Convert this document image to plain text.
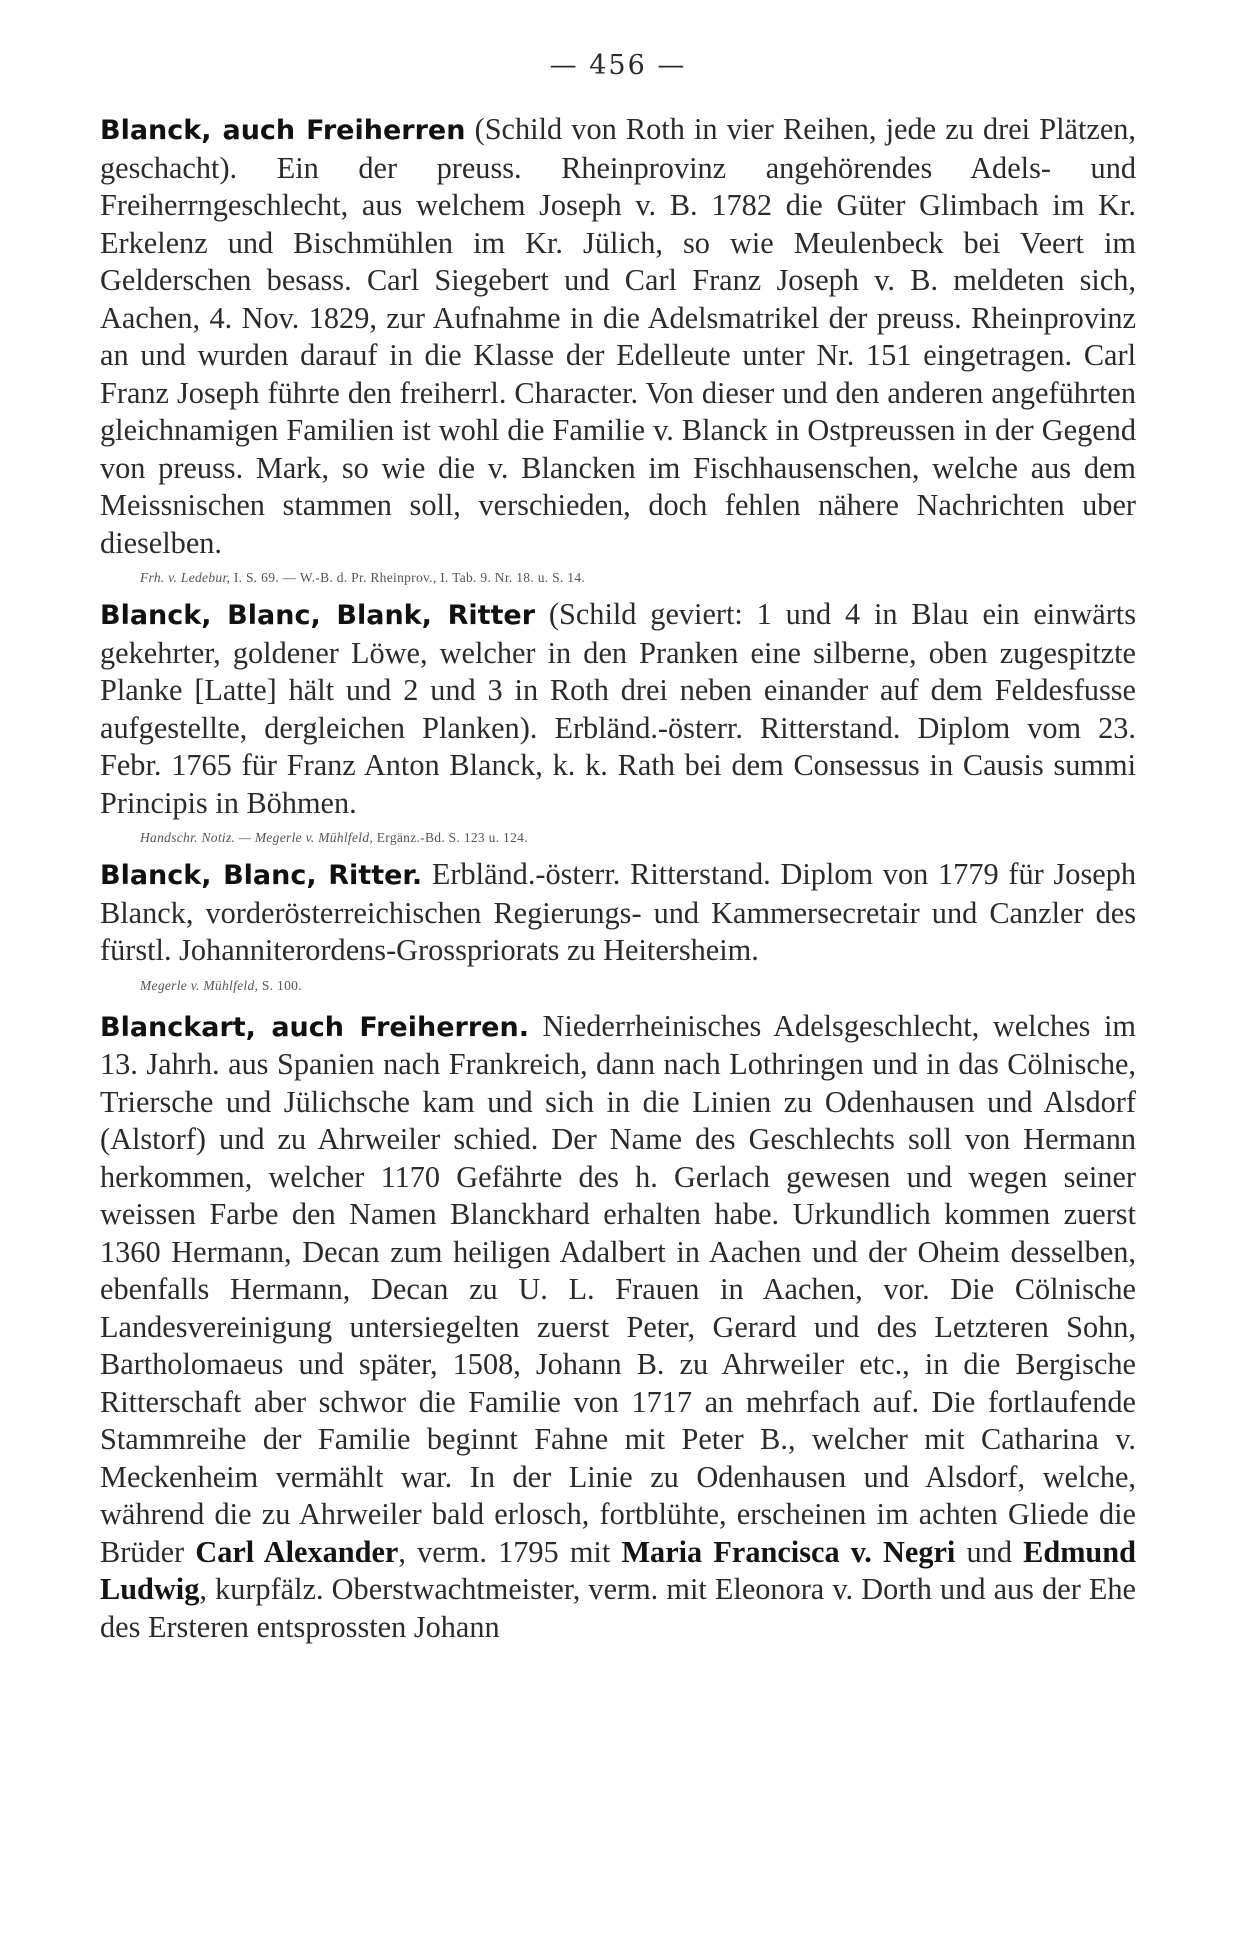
— 456 —

Blanck, auch Freiherren (Schild von Roth in vier Reihen, jede zu drei Plätzen, geschacht). Ein der preuss. Rheinprovinz angehörendes Adels- und Freiherrngeschlecht, aus welchem Joseph v. B. 1782 die Güter Glimbach im Kr. Erkelenz und Bischmühlen im Kr. Jülich, so wie Meulenbeck bei Veert im Gelderschen besass. Carl Siegebert und Carl Franz Joseph v. B. meldeten sich, Aachen, 4. Nov. 1829, zur Aufnahme in die Adelsmatrikel der preuss. Rheinprovinz an und wurden darauf in die Klasse der Edelleute unter Nr. 151 eingetragen. Carl Franz Joseph führte den freiherrl. Character. Von dieser und den anderen angeführten gleichnamigen Familien ist wohl die Familie v. Blanck in Ostpreussen in der Gegend von preuss. Mark, so wie die v. Blancken im Fischhausenschen, welche aus dem Meissnischen stammen soll, verschieden, doch fehlen nähere Nachrichten uber dieselben.

Frh. v. Ledebur, I. S. 69. — W.-B. d. Pr. Rheinprov., I. Tab. 9. Nr. 18. u. S. 14.

Blanck, Blanc, Blank, Ritter (Schild geviert: 1 und 4 in Blau ein einwärts gekehrter, goldener Löwe, welcher in den Pranken eine silberne, oben zugespitzte Planke [Latte] hält und 2 und 3 in Roth drei neben einander auf dem Feldesfusse aufgestellte, dergleichen Planken). Erbländ.-österr. Ritterstand. Diplom vom 23. Febr. 1765 für Franz Anton Blanck, k. k. Rath bei dem Consessus in Causis summi Principis in Böhmen.

Handschr. Notiz. — Megerle v. Mühlfeld, Ergänz.-Bd. S. 123 u. 124.

Blanck, Blanc, Ritter. Erbländ.-österr. Ritterstand. Diplom von 1779 für Joseph Blanck, vorderösterreichischen Regierungs- und Kammersecretair und Canzler des fürstl. Johanniterordens-Grosspriorats zu Heitersheim.

Megerle v. Mühlfeld, S. 100.

Blanckart, auch Freiherren. Niederrheinisches Adelsgeschlecht, welches im 13. Jahrh. aus Spanien nach Frankreich, dann nach Lothringen und in das Cölnische, Triersche und Jülichsche kam und sich in die Linien zu Odenhausen und Alsdorf (Alstorf) und zu Ahrweiler schied. Der Name des Geschlechts soll von Hermann herkommen, welcher 1170 Gefährte des h. Gerlach gewesen und wegen seiner weissen Farbe den Namen Blanckhard erhalten habe. Urkundlich kommen zuerst 1360 Hermann, Decan zum heiligen Adalbert in Aachen und der Oheim desselben, ebenfalls Hermann, Decan zu U. L. Frauen in Aachen, vor. Die Cölnische Landesvereinigung untersiegelten zuerst Peter, Gerard und des Letzteren Sohn, Bartholomaeus und später, 1508, Johann B. zu Ahrweiler etc., in die Bergische Ritterschaft aber schwor die Familie von 1717 an mehrfach auf. Die fortlaufende Stammreihe der Familie beginnt Fahne mit Peter B., welcher mit Catharina v. Meckenheim vermählt war. In der Linie zu Odenhausen und Alsdorf, welche, während die zu Ahrweiler bald erlosch, fortblühte, erscheinen im achten Gliede die Brüder Carl Alexander, verm. 1795 mit Maria Francisca v. Negri und Edmund Ludwig, kurpfälz. Oberstwachtmeister, verm. mit Eleonora v. Dorth und aus der Ehe des Ersteren entsprossten Johann
